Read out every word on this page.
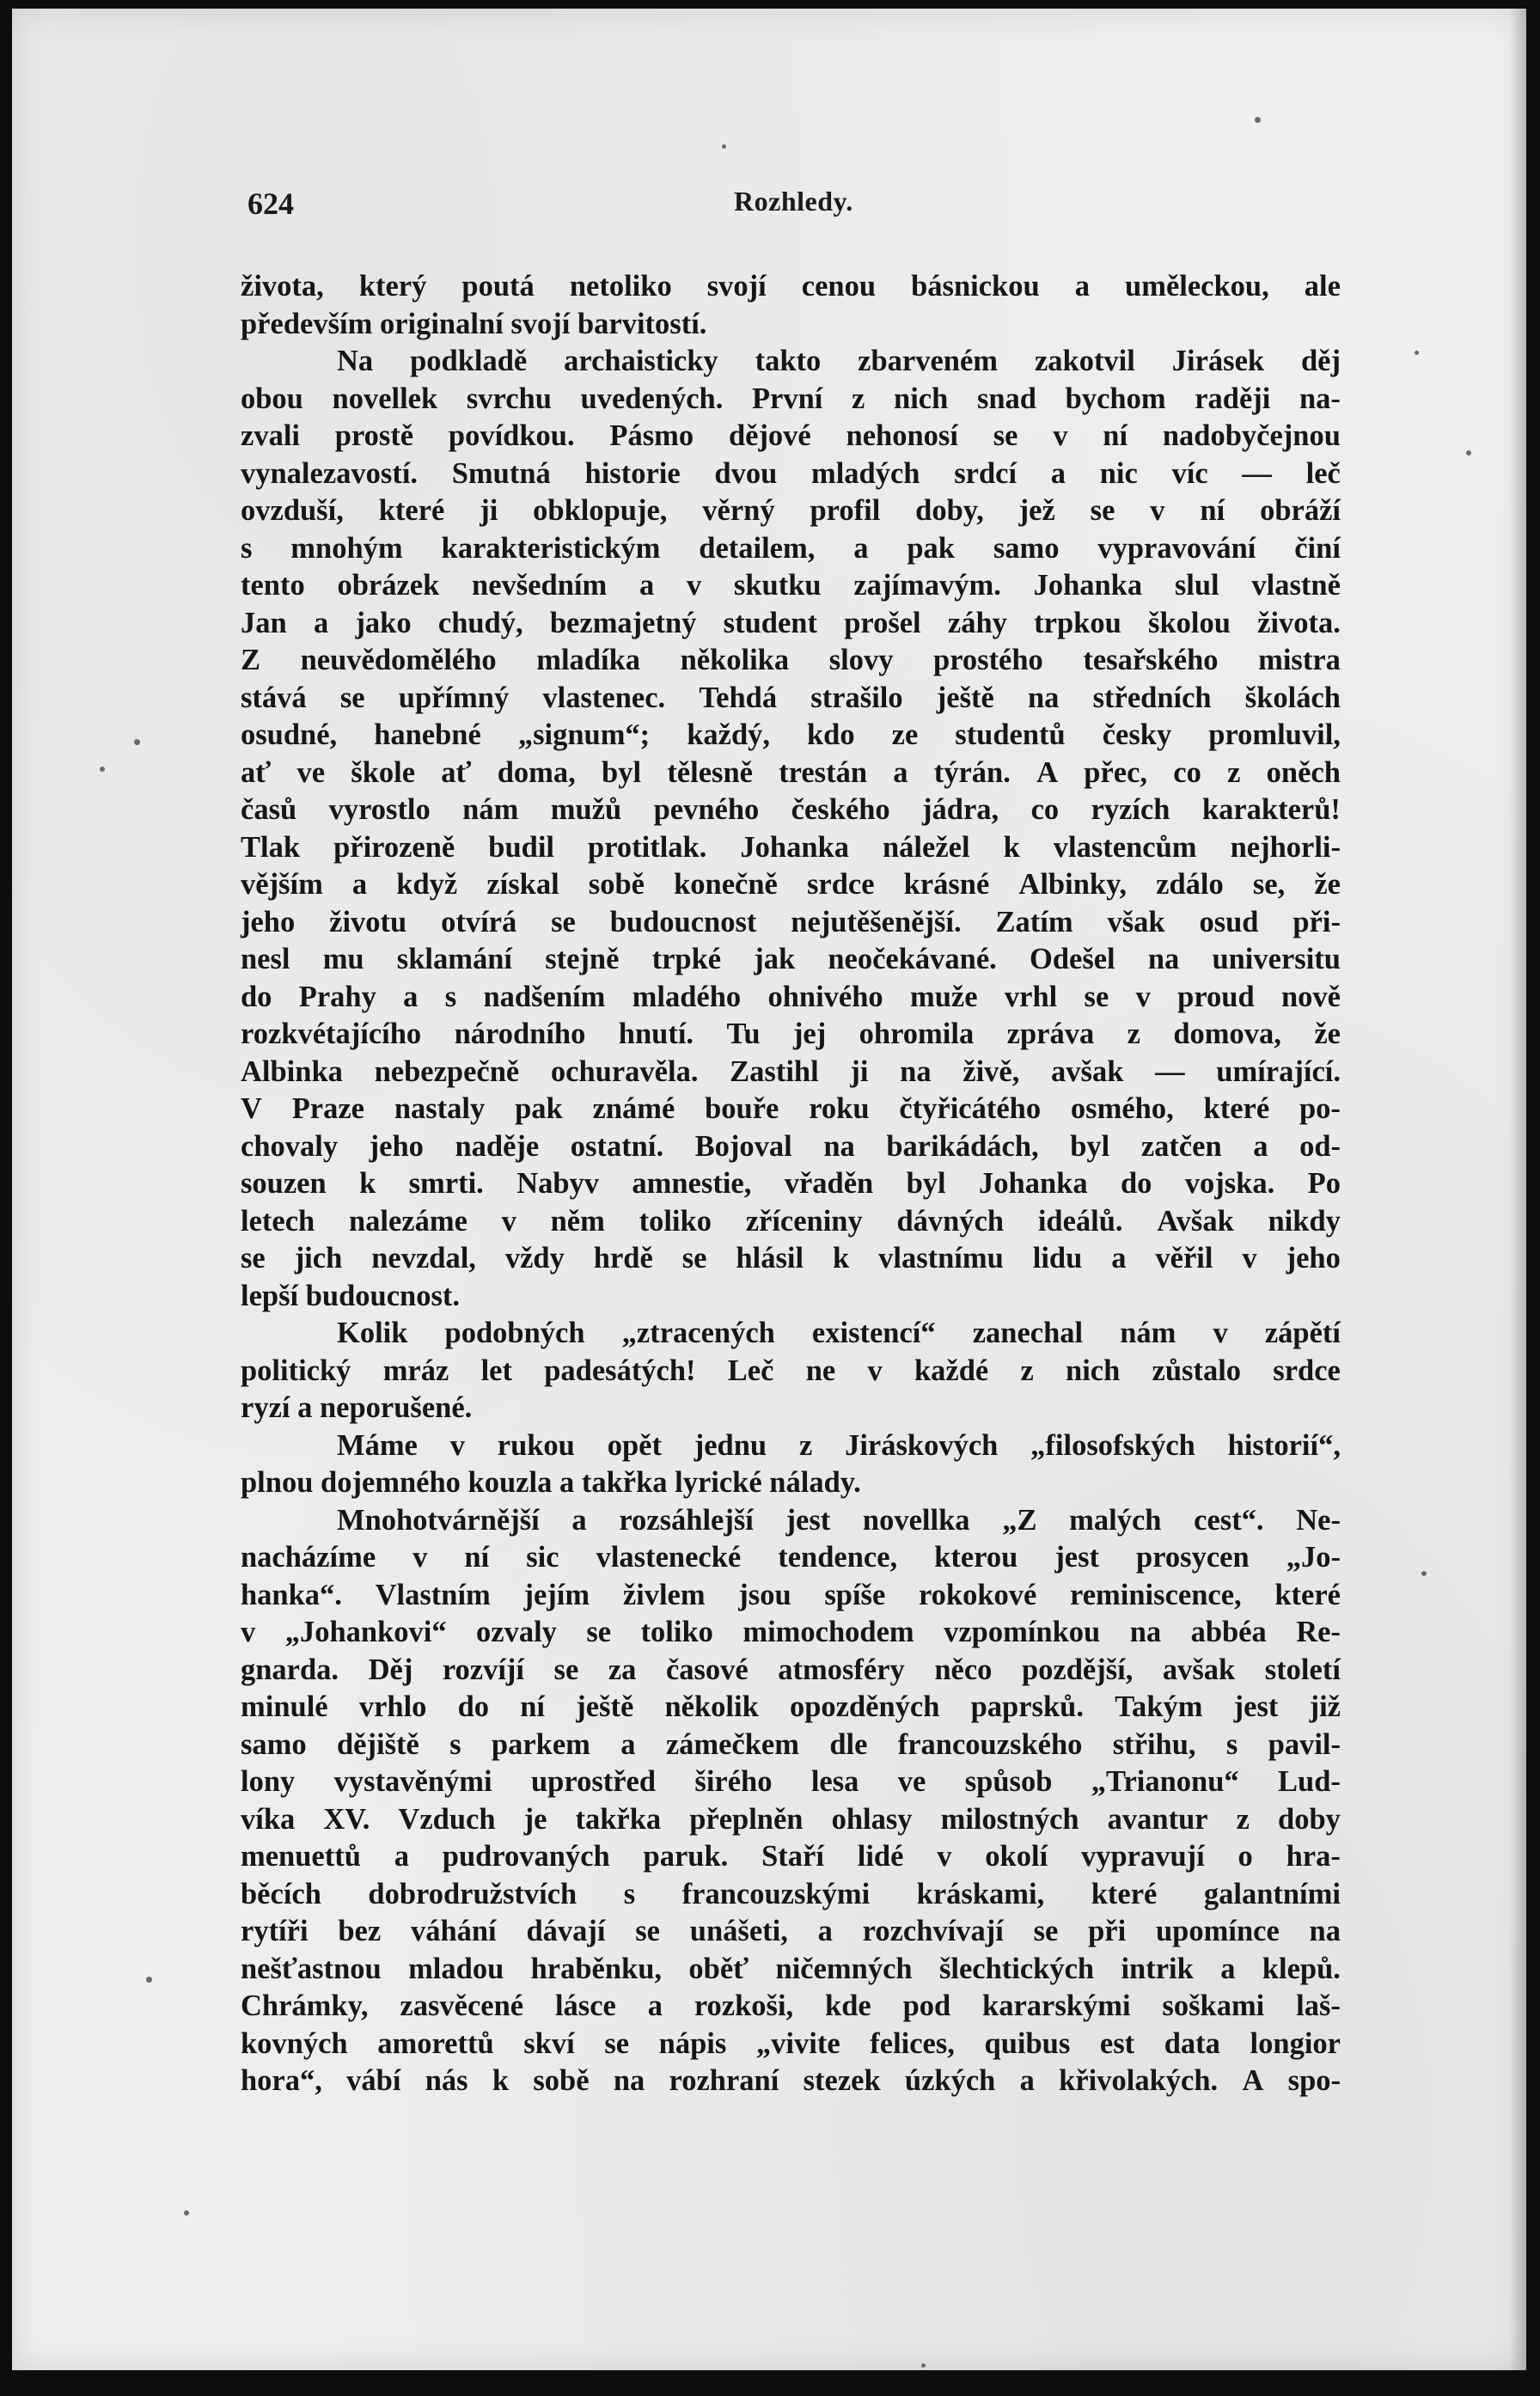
624	Rozhledy.
života, který poutá netoliko svojí cenou básnickou a uměleckou, ale
především originalní svojí barvitostí.
Na podkladě archaisticky takto zbarveném zakotvil Jirásek děj
obou novellek svrchu uvedených. První z nich snad bychom raději na-
zvali prostě povídkou. Pásmo dějové nehonosí se v ní nadobyčejnou
vynalezavostí. Smutná historie dvou mladých srdcí a nic víc — leč
ovzduší, které ji obklopuje, věrný profil doby, jež se v ní obráží
s mnohým karakteristickým detailem, a pak samo vypravování činí
tento obrázek nevšedním a v skutku zajímavým. Johanka slul vlastně
Jan a jako chudý, bezmajetný student prošel záhy trpkou školou života.
Z neuvědomělého mladíka několika slovy prostého tesařského mistra
stává se upřímný vlastenec. Tehdá strašilo ještě na středních školách
osudné, hanebné „signum“; každý, kdo ze studentů česky promluvil,
ať ve škole ať doma, byl tělesně trestán a týrán. A přec, co z oněch
časů vyrostlo nám mužů pevného českého jádra, co ryzích karakterů!
Tlak přirozeně budil protitlak. Johanka náležel k vlastencům nejhorli-
vějším a když získal sobě konečně srdce krásné Albinky, zdálo se, že
jeho životu otvírá se budoucnost nejutěšenější. Zatím však osud při-
nesl mu sklamání stejně trpké jak neočekávané. Odešel na universitu
do Prahy a s nadšením mladého ohnivého muže vrhl se v proud nově
rozkvétajícího národního hnutí. Tu jej ohromila zpráva z domova, že
Albinka nebezpečně ochuravěla. Zastihl ji na živě, avšak — umírající.
V Praze nastaly pak známé bouře roku čtyřicátého osmého, které po-
chovaly jeho naděje ostatní. Bojoval na barikádách, byl zatčen a od-
souzen k smrti. Nabyv amnestie, vřaděn byl Johanka do vojska. Po
letech nalezáme v něm toliko zříceniny dávných ideálů. Avšak nikdy
se jich nevzdal, vždy hrdě se hlásil k vlastnímu lidu a věřil v jeho
lepší budoucnost.
Kolik podobných „ztracených existencí“ zanechal nám v zápětí
politický mráz let padesátých! Leč ne v každé z nich zůstalo srdce
ryzí a neporušené.
Máme v rukou opět jednu z Jiráskových „filosofských historií“,
plnou dojemného kouzla a takřka lyrické nálady.
Mnohotvárnější a rozsáhlejší jest novellka „Z malých cest“. Ne-
nacházíme v ní sic vlastenecké tendence, kterou jest prosycen „Jo-
hanka“. Vlastním jejím živlem jsou spíše rokokové reminiscence, které
v „Johankovi“ ozvaly se toliko mimochodem vzpomínkou na abbéa Re-
gnarda. Děj rozvíjí se za časové atmosféry něco pozdější, avšak století
minulé vrhlo do ní ještě několik opozděných paprsků. Takým jest již
samo dějiště s parkem a zámečkem dle francouzského střihu, s pavil-
lony vystavěnými uprostřed širého lesa ve spůsob „Trianonu“ Lud-
víka XV. Vzduch je takřka přeplněn ohlasy milostných avantur z doby
menuettů a pudrovaných paruk. Staří lidé v okolí vypravují o hra-
běcích dobrodružstvích s francouzskými kráskami, které galantními
rytíři bez váhání dávají se unášeti, a rozchvívají se při upomínce na
nešťastnou mladou hraběnku, oběť ničemných šlechtických intrik a klepů.
Chrámky, zasvěcené lásce a rozkoši, kde pod kararskými soškami laš-
kovných amorettů skví se nápis „vivite felices, quibus est data longior
hora“, vábí nás k sobě na rozhraní stezek úzkých a křivolakých. A spo-
